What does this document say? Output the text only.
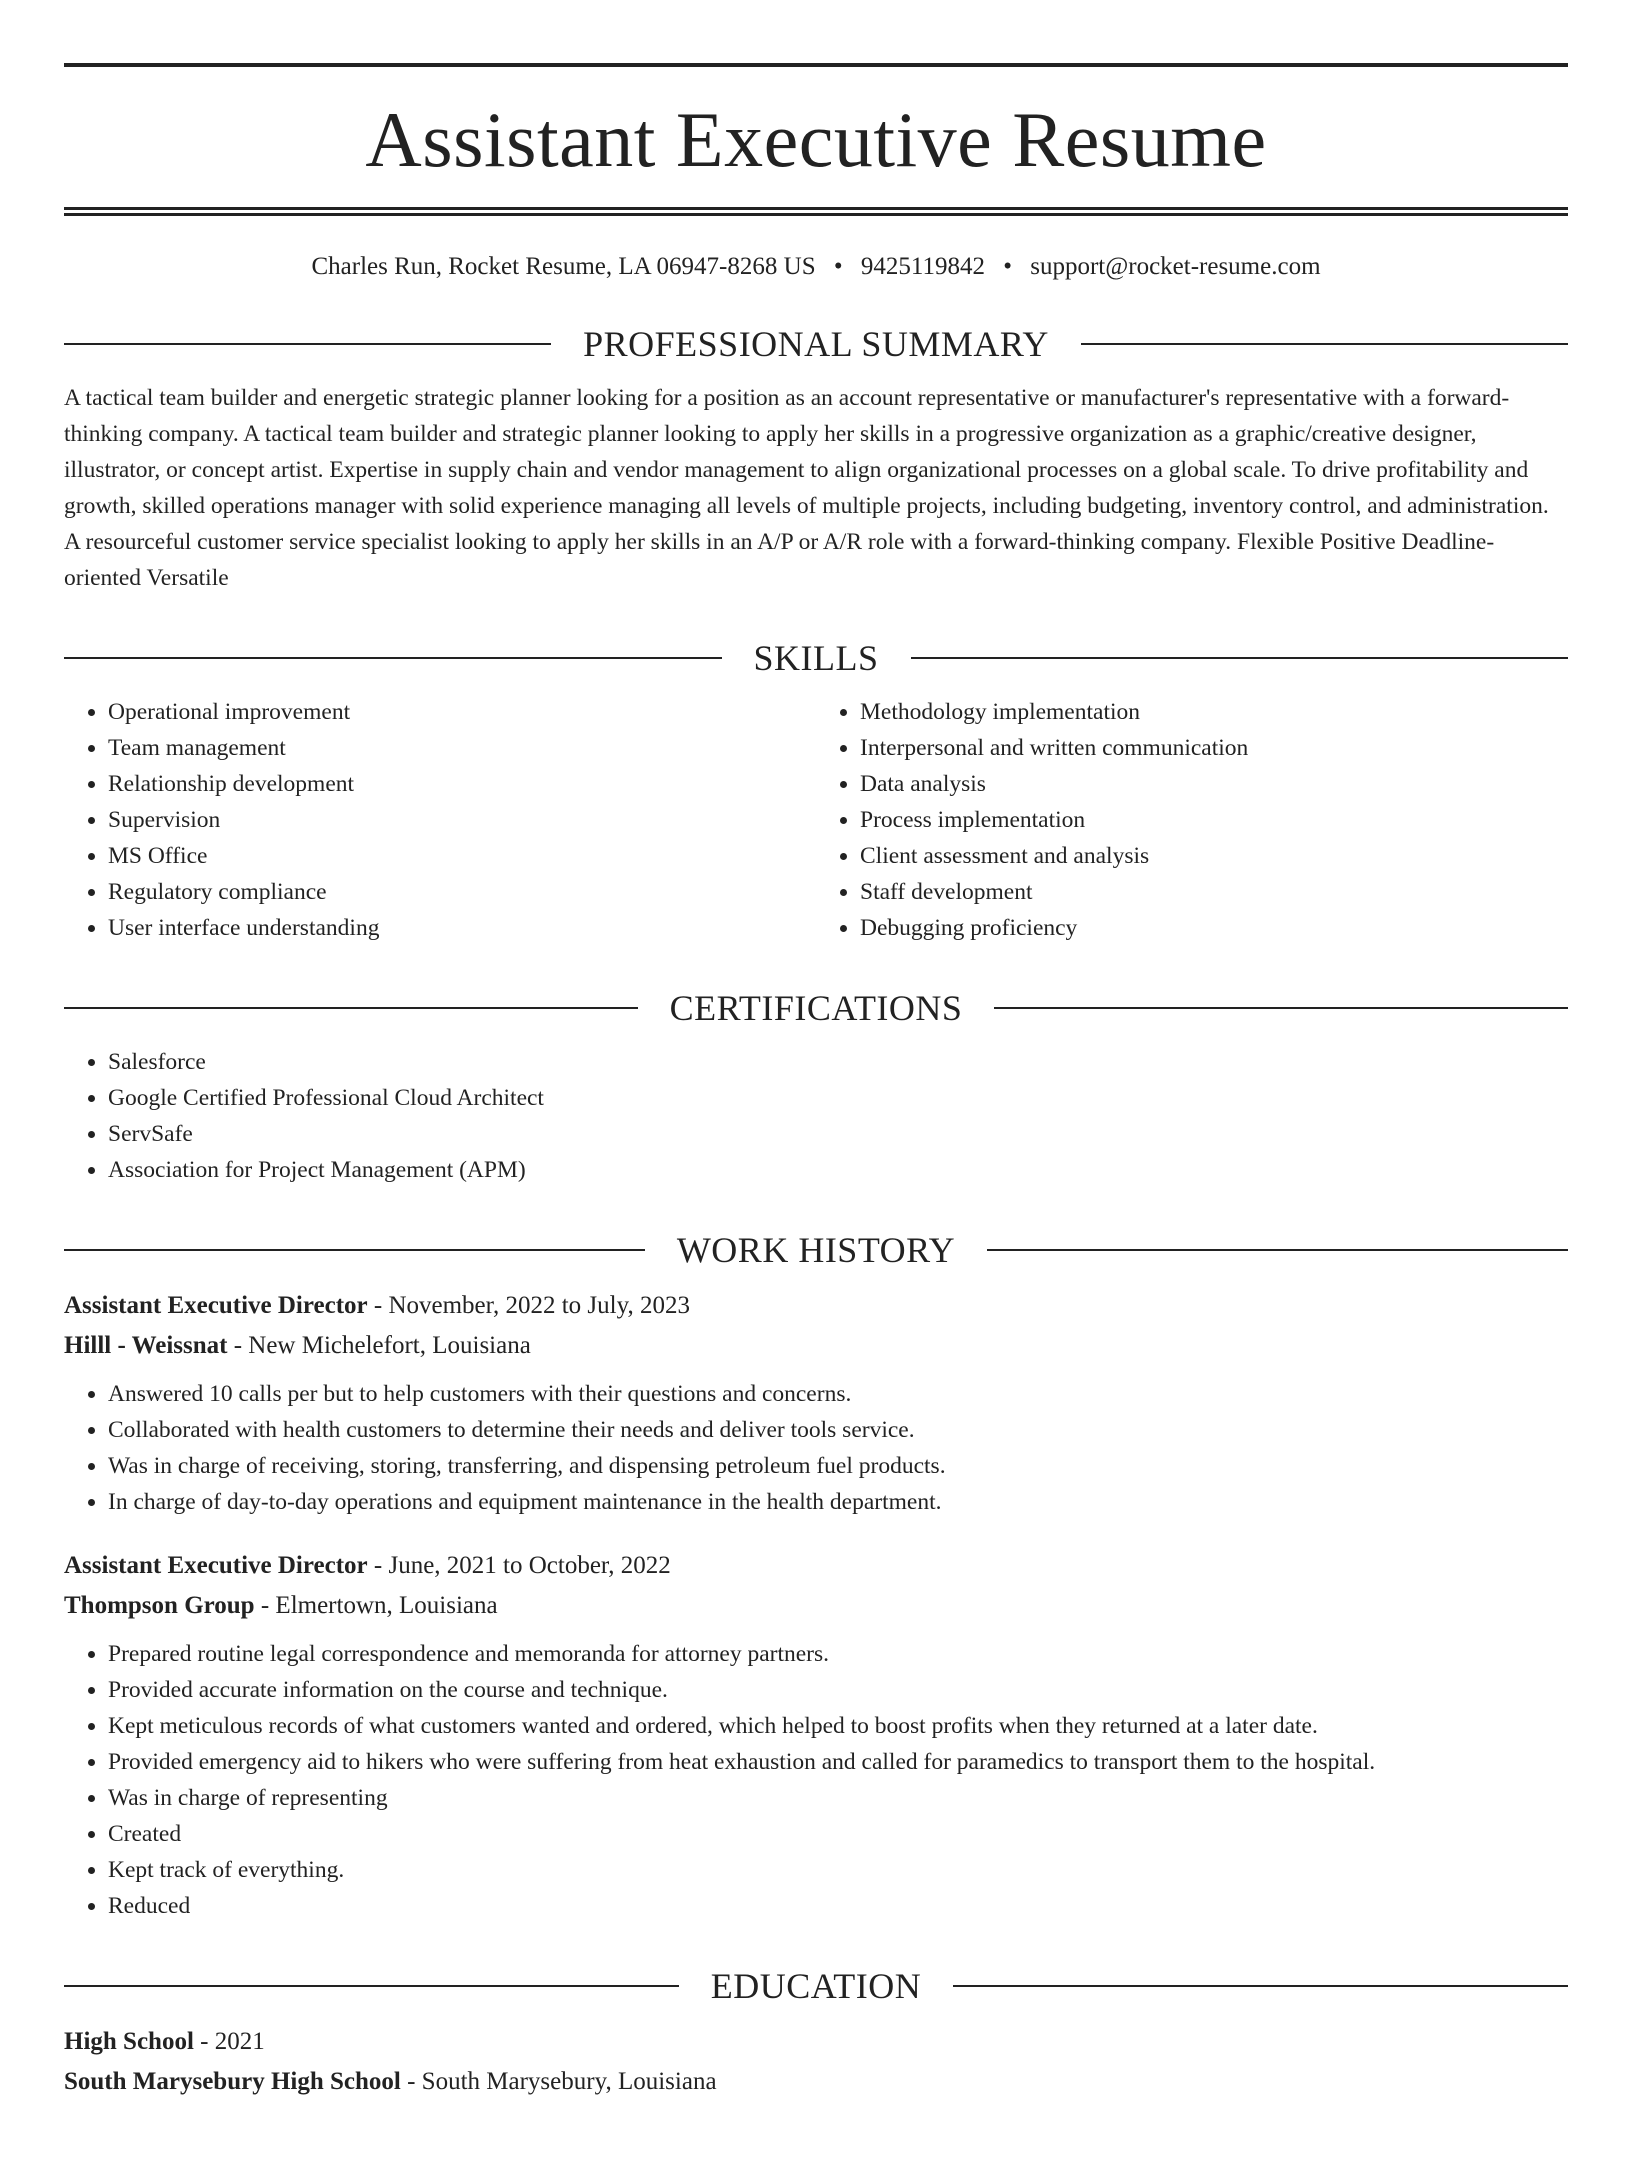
Assistant Executive Resume
Charles Run, Rocket Resume, LA 06947-8268 US • 9425119842 • support@rocket-resume.com
PROFESSIONAL SUMMARY

A tactical team builder and energetic strategic planner looking for a position as an account representative or manufacturer's representative with a forward-thinking company. A tactical team builder and strategic planner looking to apply her skills in a progressive organization as a graphic/creative designer, illustrator, or concept artist. Expertise in supply chain and vendor management to align organizational processes on a global scale. To drive profitability and growth, skilled operations manager with solid experience managing all levels of multiple projects, including budgeting, inventory control, and administration. A resourceful customer service specialist looking to apply her skills in an A/P or A/R role with a forward-thinking company. Flexible Positive Deadline-oriented Versatile

SKILLS
• Operational improvement
• Team management
• Relationship development
• Supervision
• MS Office
• Regulatory compliance
• User interface understanding
• Methodology implementation
• Interpersonal and written communication
• Data analysis
• Process implementation
• Client assessment and analysis
• Staff development
• Debugging proficiency
CERTIFICATIONS
• Salesforce
• Google Certified Professional Cloud Architect
• ServSafe
• Association for Project Management (APM)
WORK HISTORY
Assistant Executive Director - November, 2022 to July, 2023
Hilll - Weissnat - New Michelefort, Louisiana
• Answered 10 calls per but to help customers with their questions and concerns.
• Collaborated with health customers to determine their needs and deliver tools service.
• Was in charge of receiving, storing, transferring, and dispensing petroleum fuel products.
• In charge of day-to-day operations and equipment maintenance in the health department.
Assistant Executive Director - June, 2021 to October, 2022
Thompson Group - Elmertown, Louisiana
• Prepared routine legal correspondence and memoranda for attorney partners.
• Provided accurate information on the course and technique.
• Kept meticulous records of what customers wanted and ordered, which helped to boost profits when they returned at a later date.
• Provided emergency aid to hikers who were suffering from heat exhaustion and called for paramedics to transport them to the hospital.
• Was in charge of representing
• Created
• Kept track of everything.
• Reduced
EDUCATION
High School - 2021
South Marysebury High School - South Marysebury, Louisiana
